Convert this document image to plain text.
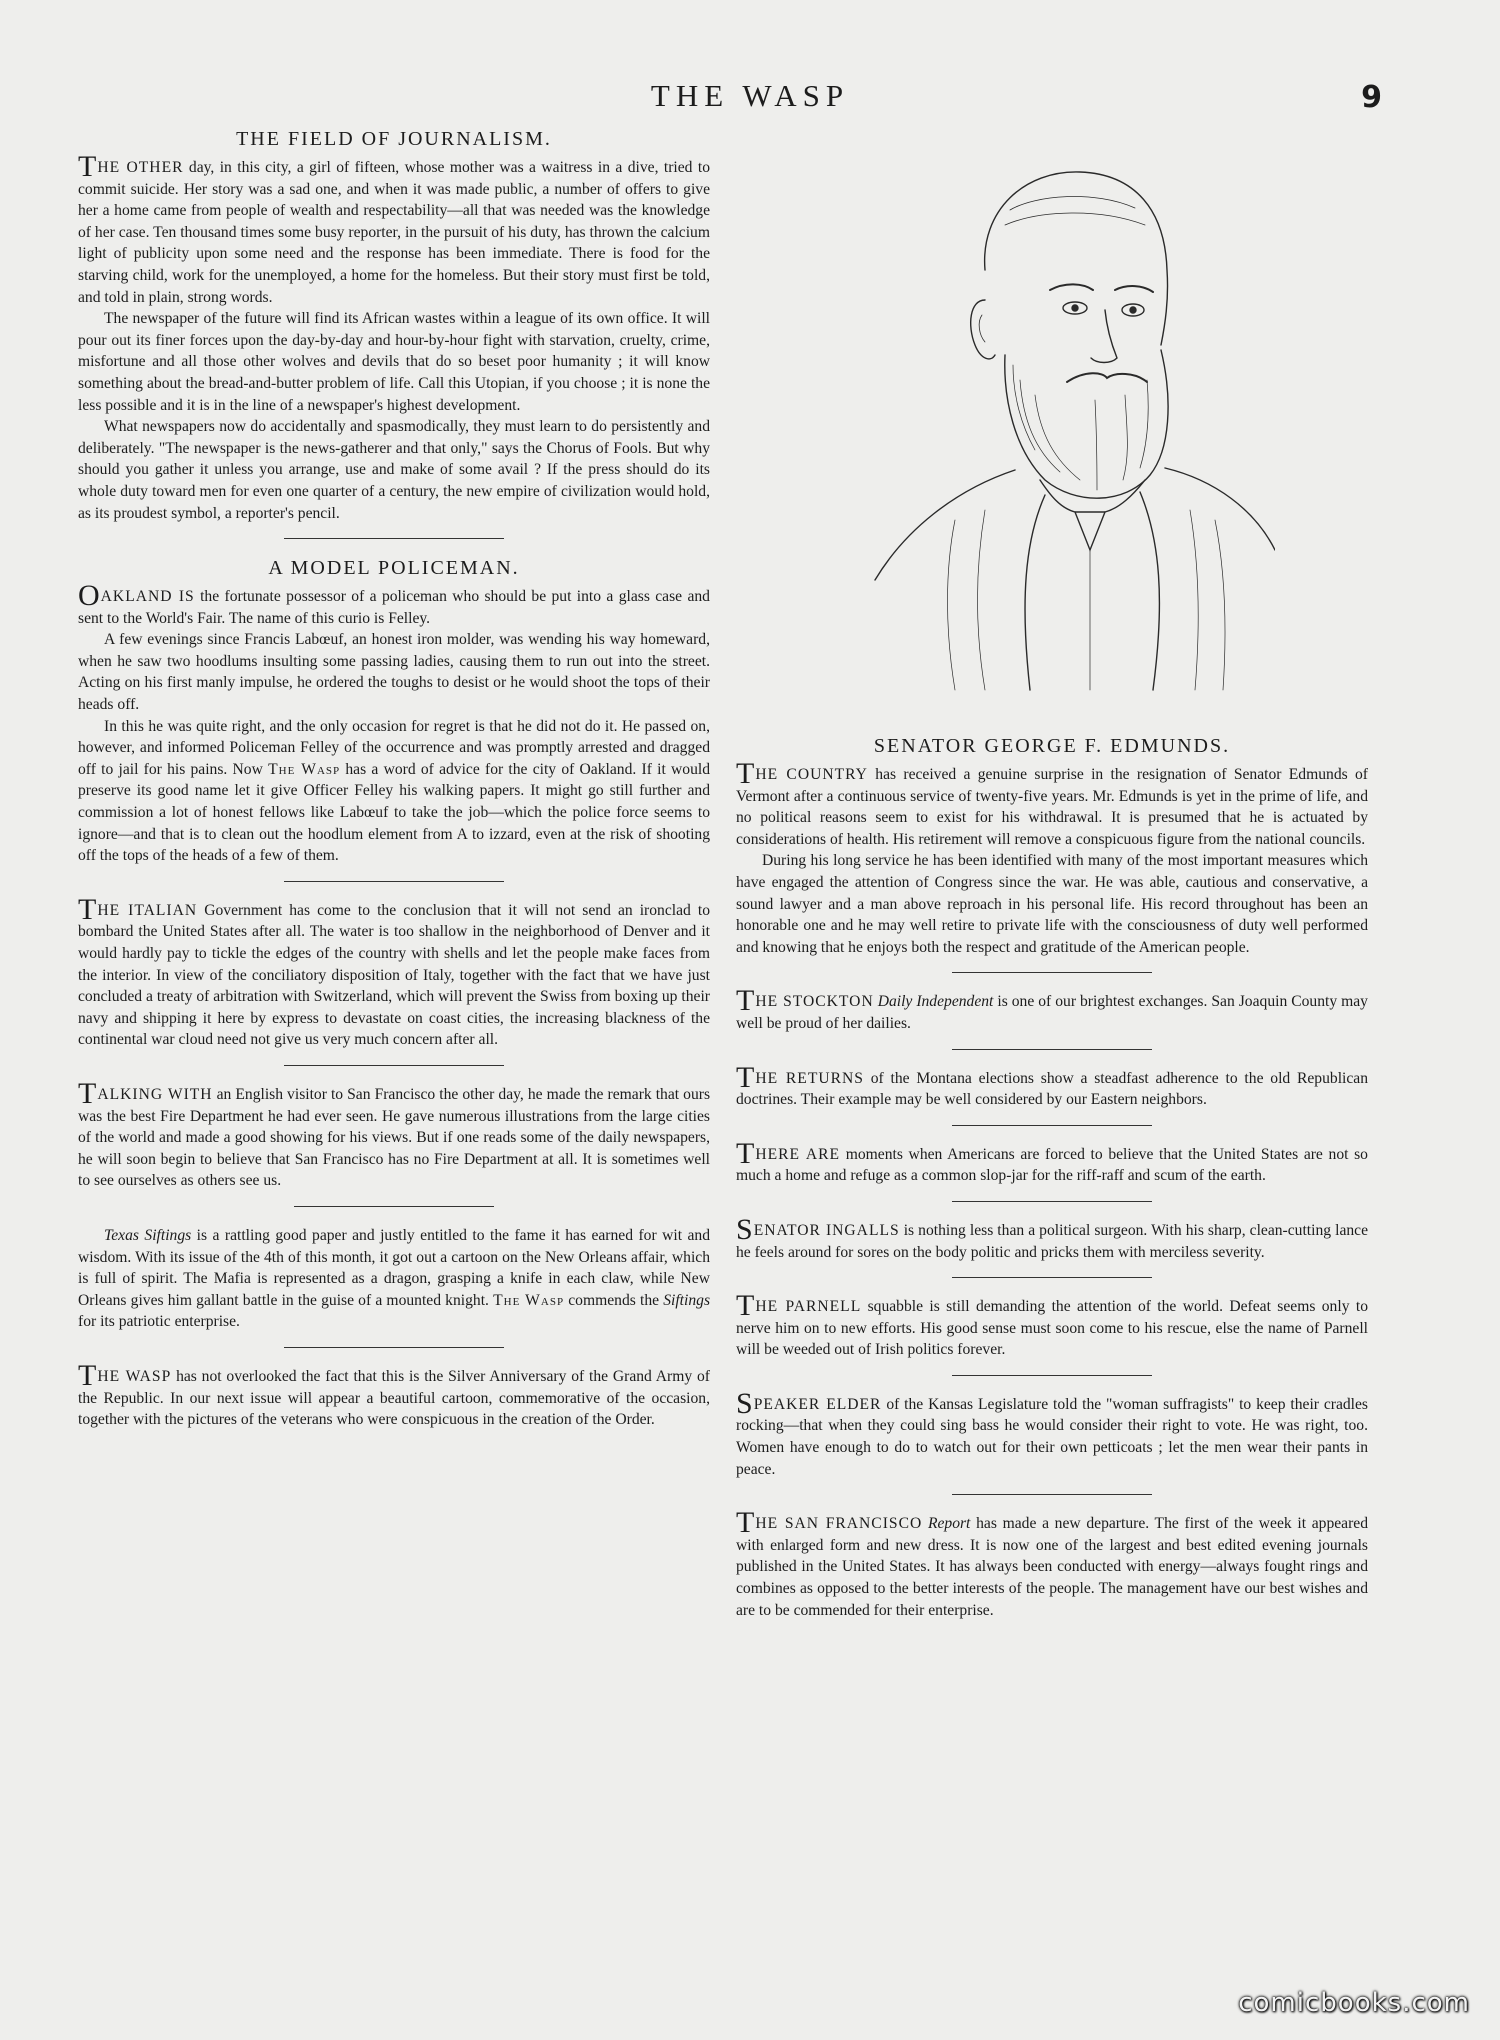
THE WASP	9
THE FIELD OF JOURNALISM.

THE OTHER day, in this city, a girl of fifteen, whose mother was a waitress in a dive, tried to commit suicide. Her story was a sad one, and when it was made public, a number of offers to give her a home came from people of wealth and respectability—all that was needed was the knowledge of her case. Ten thousand times some busy reporter, in the pursuit of his duty, has thrown the calcium light of publicity upon some need and the response has been immediate. There is food for the starving child, work for the unemployed, a home for the homeless. But their story must first be told, and told in plain, strong words.

The newspaper of the future will find its African wastes within a league of its own office. It will pour out its finer forces upon the day-by-day and hour-by-hour fight with starvation, cruelty, crime, misfortune and all those other wolves and devils that do so beset poor humanity ; it will know something about the bread-and-butter problem of life. Call this Utopian, if you choose ; it is none the less possible and it is in the line of a newspaper's highest development.

What newspapers now do accidentally and spasmodically, they must learn to do persistently and deliberately. "The newspaper is the news-gatherer and that only," says the Chorus of Fools. But why should you gather it unless you arrange, use and make of some avail ? If the press should do its whole duty toward men for even one quarter of a century, the new empire of civilization would hold, as its proudest symbol, a reporter's pencil.

A MODEL POLICEMAN.

OAKLAND IS the fortunate possessor of a policeman who should be put into a glass case and sent to the World's Fair. The name of this curio is Felley.

A few evenings since Francis Labœuf, an honest iron molder, was wending his way homeward, when he saw two hoodlums insulting some passing ladies, causing them to run out into the street. Acting on his first manly impulse, he ordered the toughs to desist or he would shoot the tops of their heads off.

In this he was quite right, and the only occasion for regret is that he did not do it. He passed on, however, and informed Policeman Felley of the occurrence and was promptly arrested and dragged off to jail for his pains. Now The Wasp has a word of advice for the city of Oakland. If it would preserve its good name let it give Officer Felley his walking papers. It might go still further and commission a lot of honest fellows like Labœuf to take the job—which the police force seems to ignore—and that is to clean out the hoodlum element from A to izzard, even at the risk of shooting off the tops of the heads of a few of them.

THE ITALIAN Government has come to the conclusion that it will not send an ironclad to bombard the United States after all. The water is too shallow in the neighborhood of Denver and it would hardly pay to tickle the edges of the country with shells and let the people make faces from the interior. In view of the conciliatory disposition of Italy, together with the fact that we have just concluded a treaty of arbitration with Switzerland, which will prevent the Swiss from boxing up their navy and shipping it here by express to devastate on coast cities, the increasing blackness of the continental war cloud need not give us very much concern after all.

TALKING WITH an English visitor to San Francisco the other day, he made the remark that ours was the best Fire Department he had ever seen. He gave numerous illustrations from the large cities of the world and made a good showing for his views. But if one reads some of the daily newspapers, he will soon begin to believe that San Francisco has no Fire Department at all. It is sometimes well to see ourselves as others see us.

Texas Siftings is a rattling good paper and justly entitled to the fame it has earned for wit and wisdom. With its issue of the 4th of this month, it got out a cartoon on the New Orleans affair, which is full of spirit. The Mafia is represented as a dragon, grasping a knife in each claw, while New Orleans gives him gallant battle in the guise of a mounted knight. The Wasp commends the Siftings for its patriotic enterprise.

THE WASP has not overlooked the fact that this is the Silver Anniversary of the Grand Army of the Republic. In our next issue will appear a beautiful cartoon, commemorative of the occasion, together with the pictures of the veterans who were conspicuous in the creation of the Order.

SENATOR GEORGE F. EDMUNDS.

THE COUNTRY has received a genuine surprise in the resignation of Senator Edmunds of Vermont after a continuous service of twenty-five years. Mr. Edmunds is yet in the prime of life, and no political reasons seem to exist for his withdrawal. It is presumed that he is actuated by considerations of health. His retirement will remove a conspicuous figure from the national councils.

During his long service he has been identified with many of the most important measures which have engaged the attention of Congress since the war. He was able, cautious and conservative, a sound lawyer and a man above reproach in his personal life. His record throughout has been an honorable one and he may well retire to private life with the consciousness of duty well performed and knowing that he enjoys both the respect and gratitude of the American people.

THE STOCKTON Daily Independent is one of our brightest exchanges. San Joaquin County may well be proud of her dailies.

THE RETURNS of the Montana elections show a steadfast adherence to the old Republican doctrines. Their example may be well considered by our Eastern neighbors.

THERE ARE moments when Americans are forced to believe that the United States are not so much a home and refuge as a common slop-jar for the riff-raff and scum of the earth.

SENATOR INGALLS is nothing less than a political surgeon. With his sharp, clean-cutting lance he feels around for sores on the body politic and pricks them with merciless severity.

THE PARNELL squabble is still demanding the attention of the world. Defeat seems only to nerve him on to new efforts. His good sense must soon come to his rescue, else the name of Parnell will be weeded out of Irish politics forever.

SPEAKER ELDER of the Kansas Legislature told the "woman suffragists" to keep their cradles rocking—that when they could sing bass he would consider their right to vote. He was right, too. Women have enough to do to watch out for their own petticoats ; let the men wear their pants in peace.

THE SAN FRANCISCO Report has made a new departure. The first of the week it appeared with enlarged form and new dress. It is now one of the largest and best edited evening journals published in the United States. It has always been conducted with energy—always fought rings and combines as opposed to the better interests of the people. The management have our best wishes and are to be commended for their enterprise.

comicbooks.com
